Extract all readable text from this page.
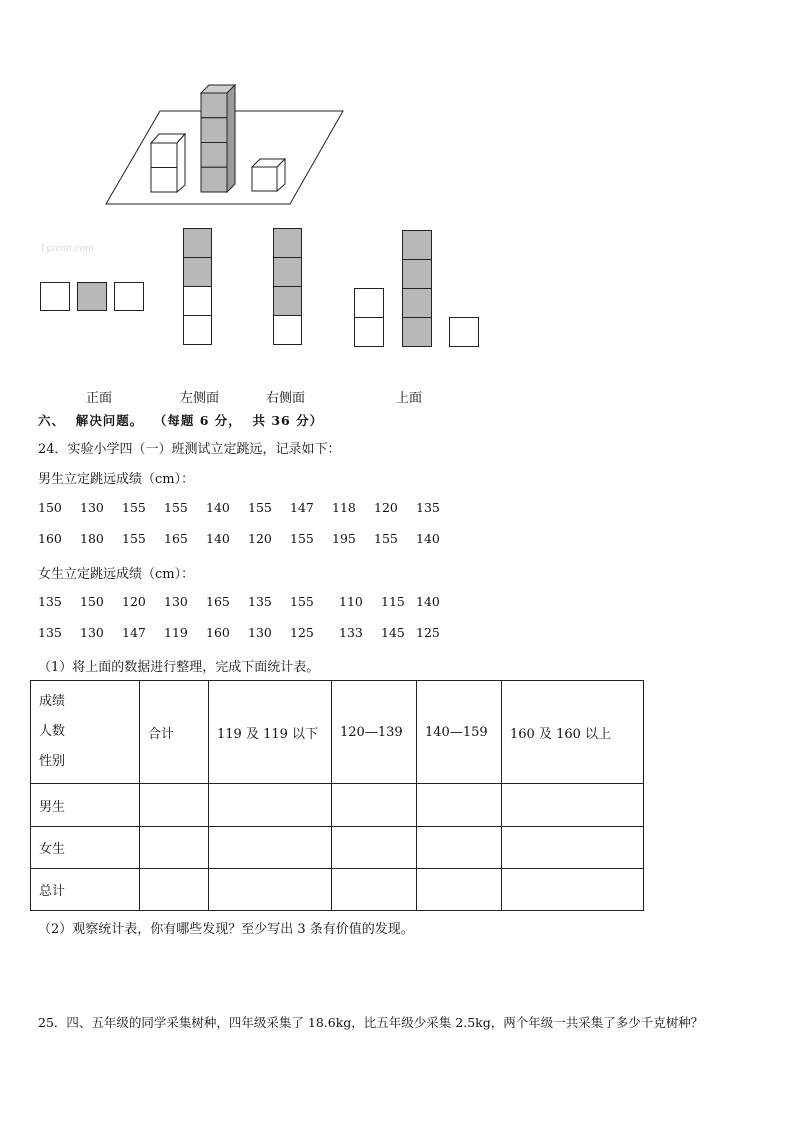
1yzcon.com
正面	左侧面	右侧面	上面
六、  解决问题。  （每题 6 分，  共 36 分）
24．实验小学四（一）班测试立定跳远，记录如下：
男生立定跳远成绩（cm）：
150 130 155 155 140 155 147 118 120 135
160 180 155 165 140 120 155 195 155 140
女生立定跳远成绩（cm）：
135 150 120 130 165 135 155 110 115 140
135 130 147 119 160 130 125 133 145 125
（1）将上面的数据进行整理，完成下面统计表。
成绩
人数
性别	合计	119 及 119 以下	120—139	140—159	160 及 160 以上
男生					
女生					
总计					
（2）观察统计表，你有哪些发现？至少写出 3 条有价值的发现。
25．四、五年级的同学采集树种，四年级采集了 18.6kg，比五年级少采集 2.5kg，两个年级一共采集了多少千克树种？
